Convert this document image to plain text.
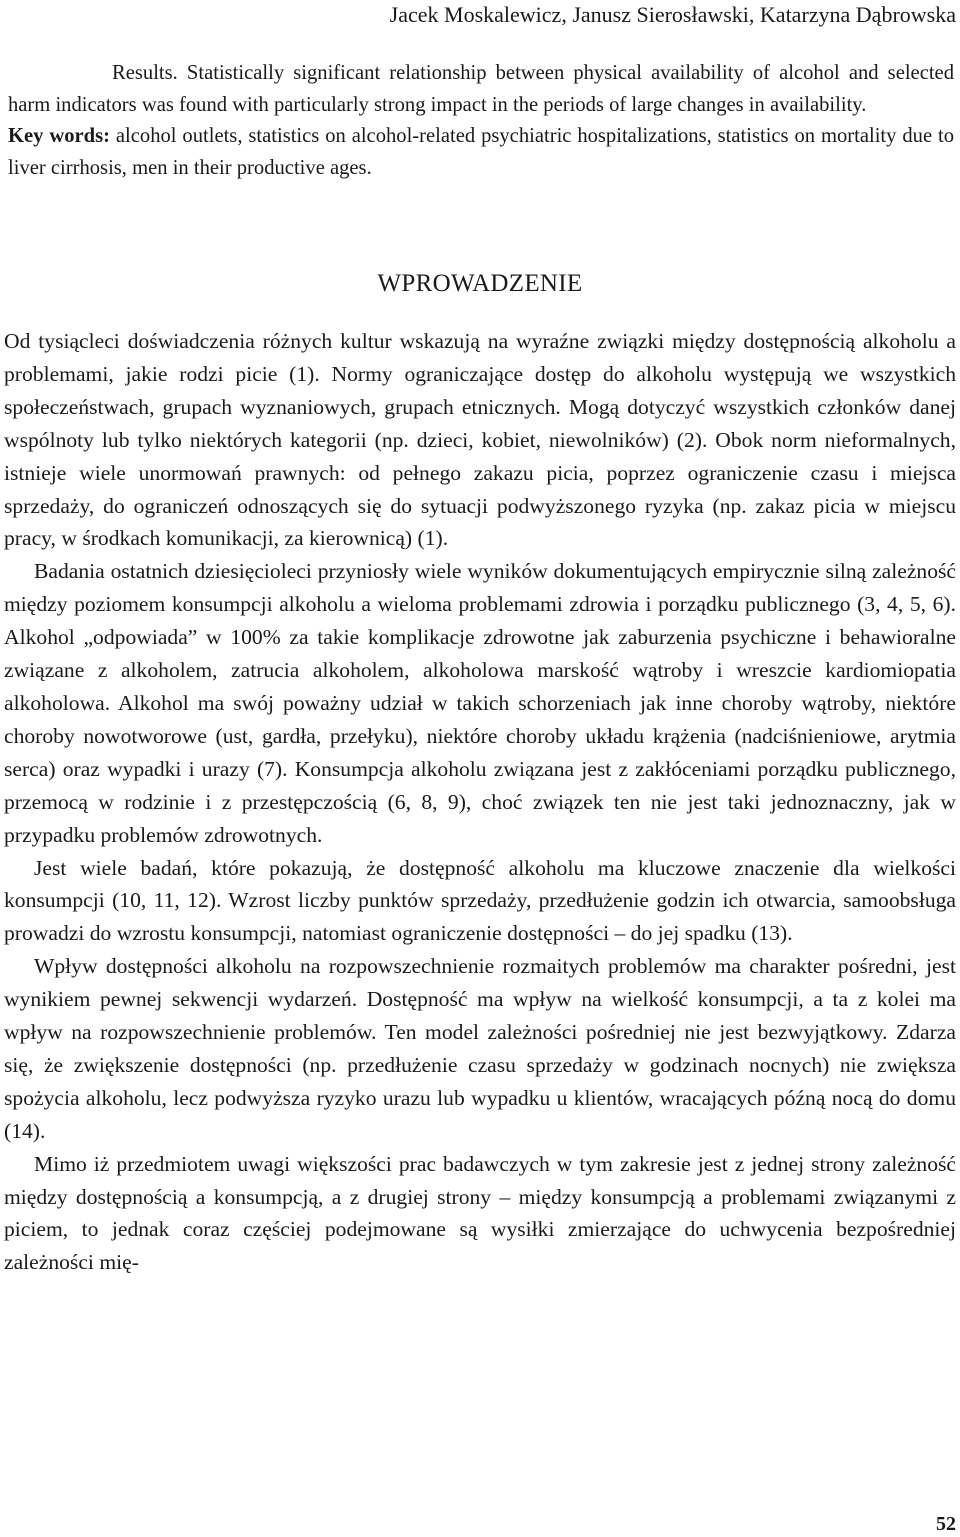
Jacek Moskalewicz, Janusz Sierosławski, Katarzyna Dąbrowska

Results. Statistically significant relationship between physical availability of alcohol and selected harm indicators was found with particularly strong impact in the periods of large changes in availability.

Key words: alcohol outlets, statistics on alcohol-related psychiatric hospitalizations, statistics on mortality due to liver cirrhosis, men in their productive ages.

WPROWADZENIE

Od tysiącleci doświadczenia różnych kultur wskazują na wyraźne związki między dostępnością alkoholu a problemami, jakie rodzi picie (1). Normy ograniczające dostęp do alkoholu występują we wszystkich społeczeństwach, grupach wyznaniowych, grupach etnicznych. Mogą dotyczyć wszystkich członków danej wspólnoty lub tylko niektórych kategorii (np. dzieci, kobiet, niewolników) (2). Obok norm nieformalnych, istnieje wiele unormowań prawnych: od pełnego zakazu picia, poprzez ograniczenie czasu i miejsca sprzedaży, do ograniczeń odnoszących się do sytuacji podwyższonego ryzyka (np. zakaz picia w miejscu pracy, w środkach komunikacji, za kierownicą) (1).

Badania ostatnich dziesięcioleci przyniosły wiele wyników dokumentujących empirycznie silną zależność między poziomem konsumpcji alkoholu a wieloma problemami zdrowia i porządku publicznego (3, 4, 5, 6). Alkohol „odpowiada” w 100% za takie komplikacje zdrowotne jak zaburzenia psychiczne i behawioralne związane z alkoholem, zatrucia alkoholem, alkoholowa marskość wątroby i wreszcie kardiomiopatia alkoholowa. Alkohol ma swój poważny udział w takich schorzeniach jak inne choroby wątroby, niektóre choroby nowotworowe (ust, gardła, przełyku), niektóre choroby układu krążenia (nadciśnieniowe, arytmia serca) oraz wypadki i urazy (7). Konsumpcja alkoholu związana jest z zakłóceniami porządku publicznego, przemocą w rodzinie i z przestępczością (6, 8, 9), choć związek ten nie jest taki jednoznaczny, jak w przypadku problemów zdrowotnych.

Jest wiele badań, które pokazują, że dostępność alkoholu ma kluczowe znaczenie dla wielkości konsumpcji (10, 11, 12). Wzrost liczby punktów sprzedaży, przedłużenie godzin ich otwarcia, samoobsługa prowadzi do wzrostu konsumpcji, natomiast ograniczenie dostępności – do jej spadku (13).

Wpływ dostępności alkoholu na rozpowszechnienie rozmaitych problemów ma charakter pośredni, jest wynikiem pewnej sekwencji wydarzeń. Dostępność ma wpływ na wielkość konsumpcji, a ta z kolei ma wpływ na rozpowszechnienie problemów. Ten model zależności pośredniej nie jest bezwyjątkowy. Zdarza się, że zwiększenie dostępności (np. przedłużenie czasu sprzedaży w godzinach nocnych) nie zwiększa spożycia alkoholu, lecz podwyższa ryzyko urazu lub wypadku u klientów, wracających późną nocą do domu (14).

Mimo iż przedmiotem uwagi większości prac badawczych w tym zakresie jest z jednej strony zależność między dostępnością a konsumpcją, a z drugiej strony – między konsumpcją a problemami związanymi z piciem, to jednak coraz częściej podejmowane są wysiłki zmierzające do uchwycenia bezpośredniej zależności mię-

52
